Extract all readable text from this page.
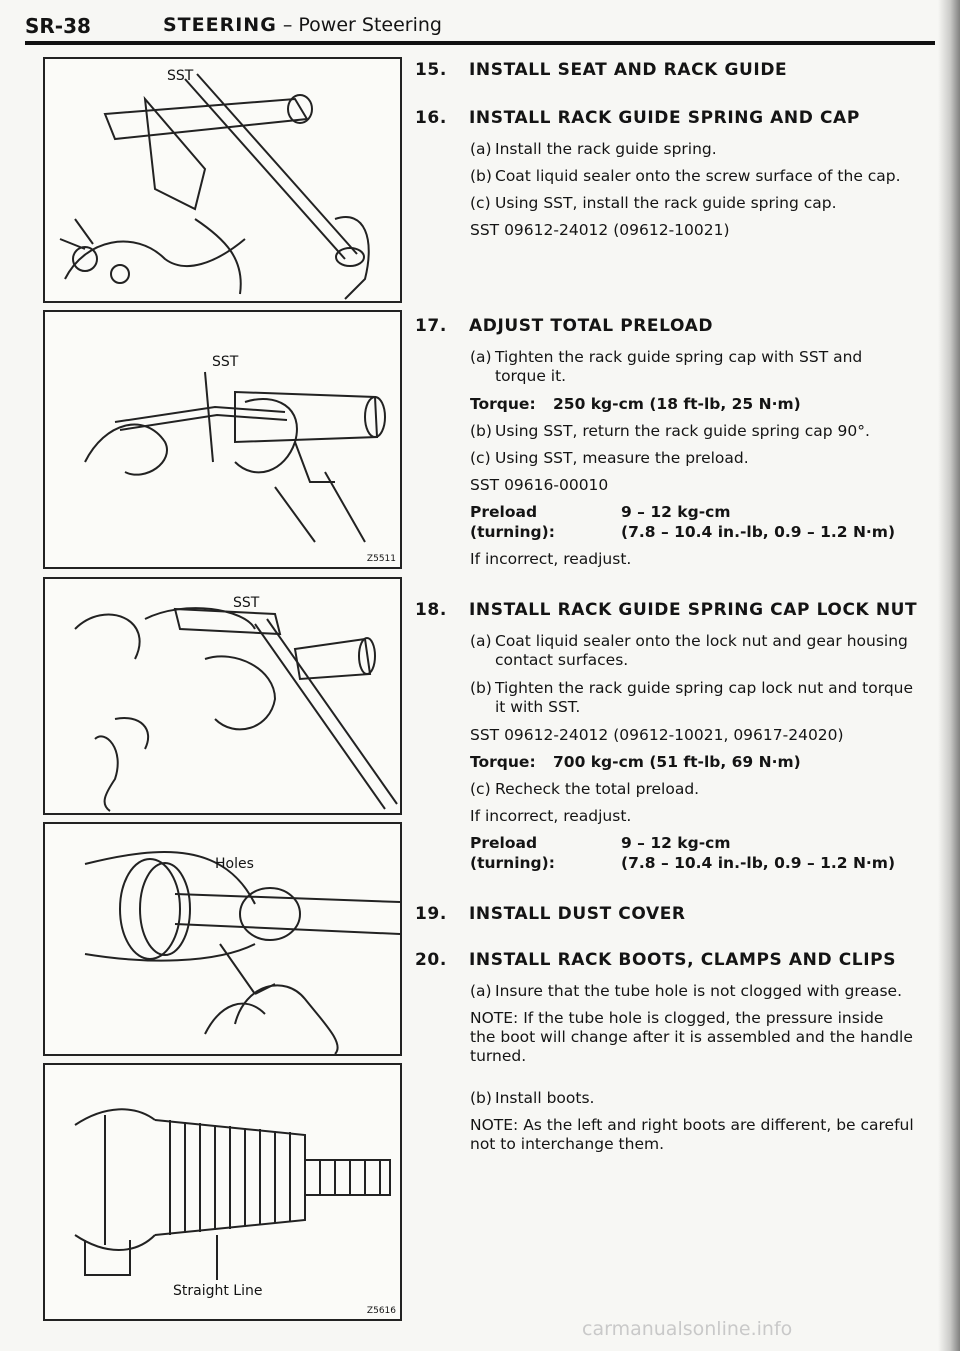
SR-38	STEERING – Power Steering
SST
SST
Z5511
SST
Holes
Straight Line
Z5616
15.	INSTALL SEAT AND RACK GUIDE
16.	INSTALL RACK GUIDE SPRING AND CAP
(a) Install the rack guide spring.
(b) Coat liquid sealer onto the screw surface of the cap.
(c) Using SST, install the rack guide spring cap.
SST 09612-24012 (09612-10021)
17.	ADJUST TOTAL PRELOAD
(a) Tighten the rack guide spring cap with SST and
torque it.
Torque:	250 kg-cm (18 ft-lb, 25 N·m)
(b) Using SST, return the rack guide spring cap 90°.
(c) Using SST, measure the preload.
SST 09616-00010
Preload (turning):
9 – 12 kg-cm
(7.8 – 10.4 in.-lb, 0.9 – 1.2 N·m)
If incorrect, readjust.
18.	INSTALL RACK GUIDE SPRING CAP LOCK NUT
(a) Coat liquid sealer onto the lock nut and gear housing
contact surfaces.
(b) Tighten the rack guide spring cap lock nut and torque
it with SST.
SST 09612-24012 (09612-10021, 09617-24020)
Torque:	700 kg-cm (51 ft-lb, 69 N·m)
(c) Recheck the total preload.
If incorrect, readjust.
Preload (turning):
9 – 12 kg-cm
(7.8 – 10.4 in.-lb, 0.9 – 1.2 N·m)
19.	INSTALL DUST COVER
20.	INSTALL RACK BOOTS, CLAMPS AND CLIPS
(a) Insure that the tube hole is not clogged with grease.
NOTE: If the tube hole is clogged, the pressure inside
the boot will change after it is assembled and the handle
turned.
(b) Install boots.
NOTE: As the left and right boots are different, be careful
not to interchange them.
carmanualsonline.info
